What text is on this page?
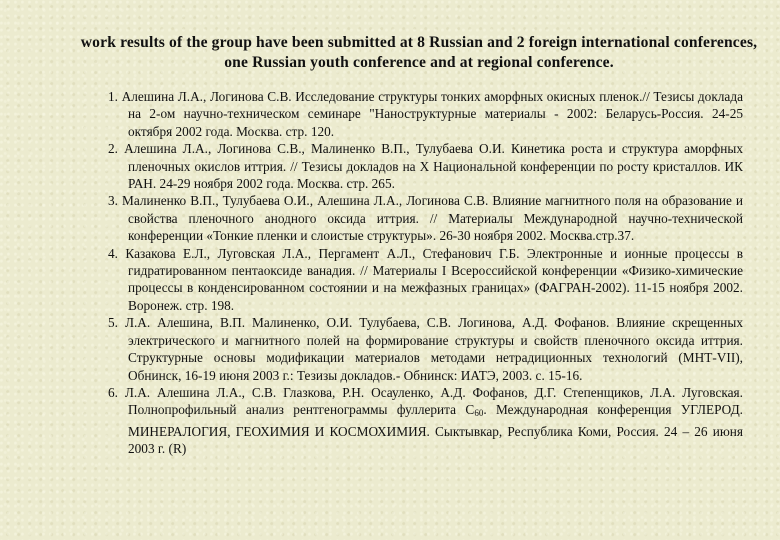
work results of the group have been submitted at 8 Russian and 2 foreign international conferences, one Russian youth conference and at regional conference.

1. Алешина Л.А., Логинова С.В. Исследование структуры тонких аморфных окисных пленок.// Тезисы доклада на 2-ом научно-техническом семинаре "Наноструктурные материалы - 2002: Беларусь-Россия. 24-25 октября 2002 года. Москва. стр. 120.
2. Алешина Л.А., Логинова С.В., Малиненко В.П., Тулубаева О.И. Кинетика роста и структура аморфных пленочных окислов иттрия. // Тезисы докладов на X Национальной конференции по росту кристаллов. ИК РАН. 24-29 ноября 2002 года. Москва. стр. 265.
3. Малиненко В.П., Тулубаева О.И., Алешина Л.А., Логинова С.В. Влияние магнитного поля на образование и свойства пленочного анодного оксида иттрия. // Материалы Международной научно-технической конференции «Тонкие пленки и слоистые структуры». 26-30 ноября 2002. Москва.стр.37.
4. Казакова Е.Л., Луговская Л.А., Пергамент А.Л., Стефанович Г.Б. Электронные и ионные процессы в гидратированном пентаоксиде ванадия. // Материалы I Всероссийской конференции «Физико-химические процессы в конденсированном состоянии и на межфазных границах» (ФАГРАН-2002). 11-15 ноября 2002. Воронеж. стр. 198.
5. Л.А. Алешина, В.П. Малиненко, О.И. Тулубаева, С.В. Логинова, А.Д. Фофанов. Влияние скрещенных электрического и магнитного полей на формирование структуры и свойств пленочного оксида иттрия. Структурные основы модификации материалов методами нетрадиционных технологий (МНТ-VII), Обнинск, 16-19 июня 2003 г.: Тезизы докладов.- Обнинск: ИАТЭ, 2003. с. 15-16.
6. Л.А. Алешина Л.А., С.В. Глазкова, Р.Н. Осауленко, А.Д. Фофанов, Д.Г. Степенщиков, Л.А. Луговская. Полнопрофильный анализ рентгенограммы фуллерита $С_{60}$. Международная конференция УГЛЕРОД. МИНЕРАЛОГИЯ, ГЕОХИМИЯ И КОСМОХИМИЯ. Сыктывкар, Республика Коми, Россия. 24 – 26 июня 2003 г. (R)
